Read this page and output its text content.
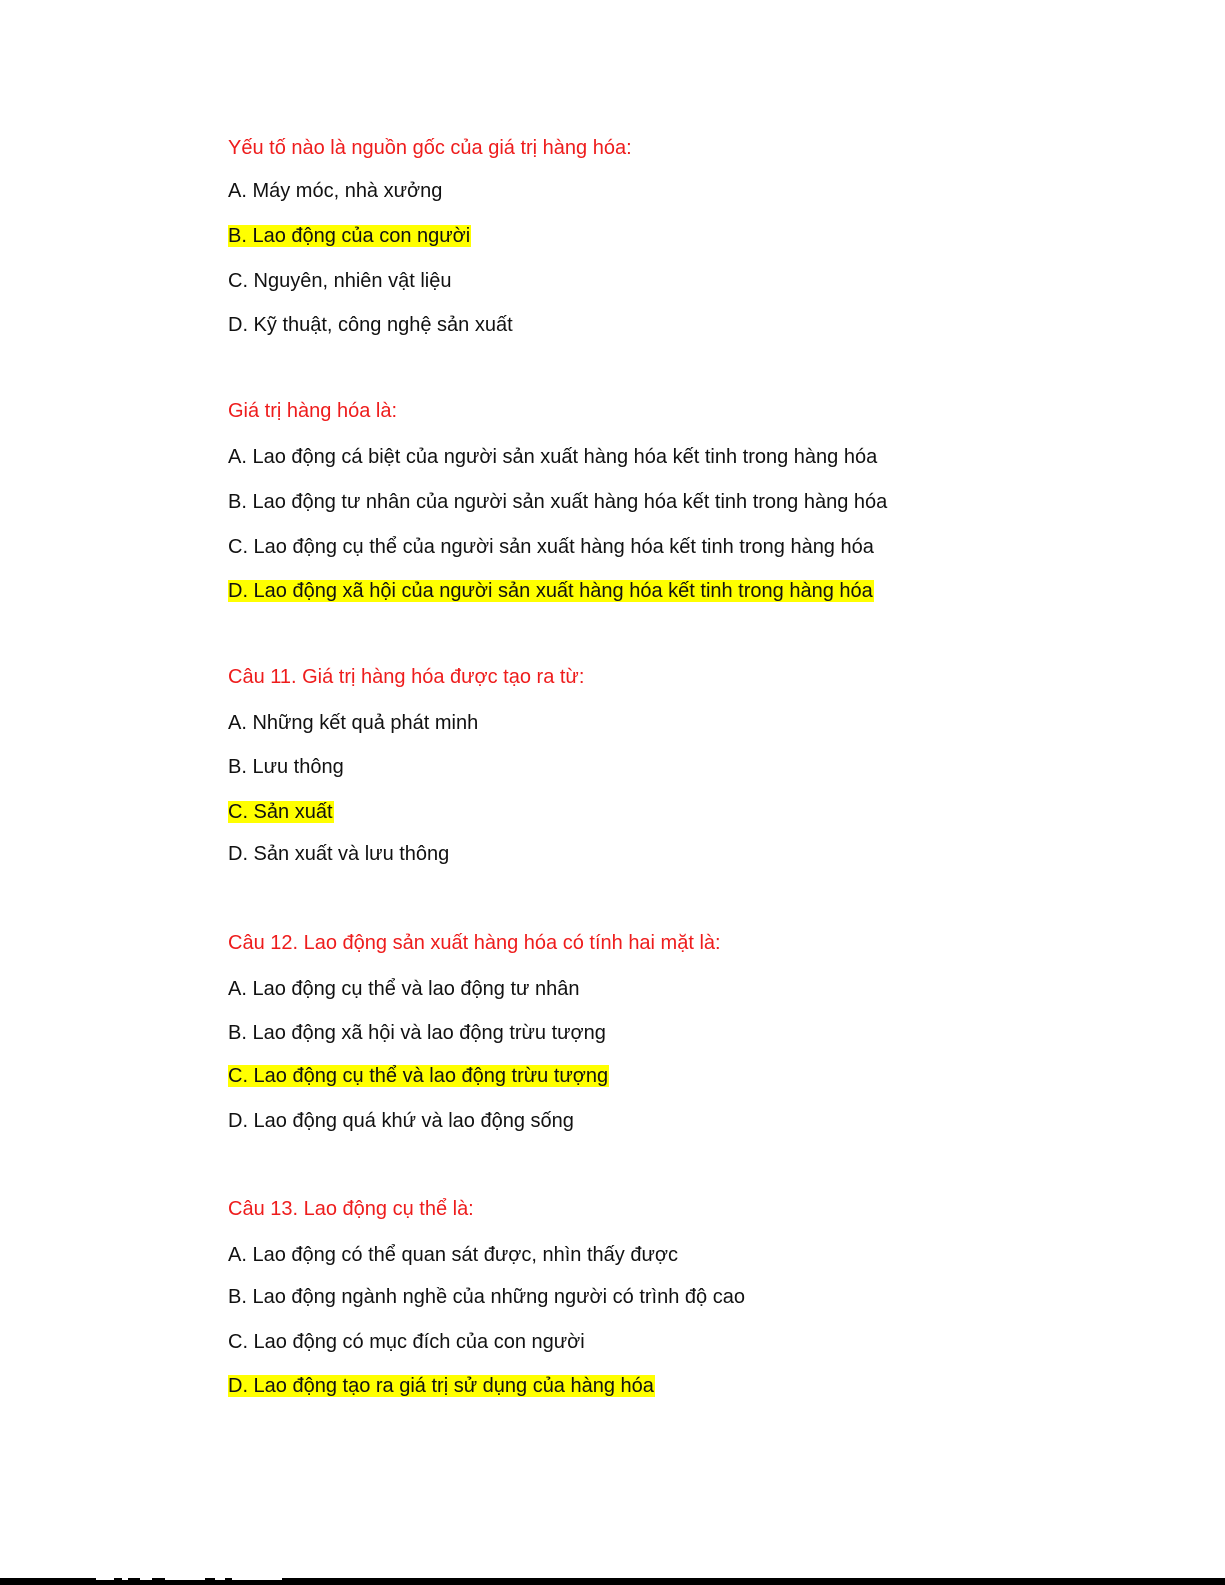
Yếu tố nào là nguồn gốc của giá trị hàng hóa:
A. Máy móc, nhà xưởng
B. Lao động của con người
C. Nguyên, nhiên vật liệu
D. Kỹ thuật, công nghệ sản xuất
Giá trị hàng hóa là:
A. Lao động cá biệt của người sản xuất hàng hóa kết tinh trong hàng hóa
B. Lao động tư nhân của người sản xuất hàng hóa kết tinh trong hàng hóa
C. Lao động cụ thể của người sản xuất hàng hóa kết tinh trong hàng hóa
D. Lao động xã hội của người sản xuất hàng hóa kết tinh trong hàng hóa
Câu 11. Giá trị hàng hóa được tạo ra từ:
A. Những kết quả phát minh
B. Lưu thông
C. Sản xuất
D. Sản xuất và lưu thông
Câu 12. Lao động sản xuất hàng hóa có tính hai mặt là:
A. Lao động cụ thể và lao động tư nhân
B. Lao động xã hội và lao động trừu tượng
C. Lao động cụ thể và lao động trừu tượng
D. Lao động quá khứ và lao động sống
Câu 13. Lao động cụ thể là:
A. Lao động có thể quan sát được, nhìn thấy được
B. Lao động ngành nghề của những người có trình độ cao
C. Lao động có mục đích của con người
D. Lao động tạo ra giá trị sử dụng của hàng hóa
